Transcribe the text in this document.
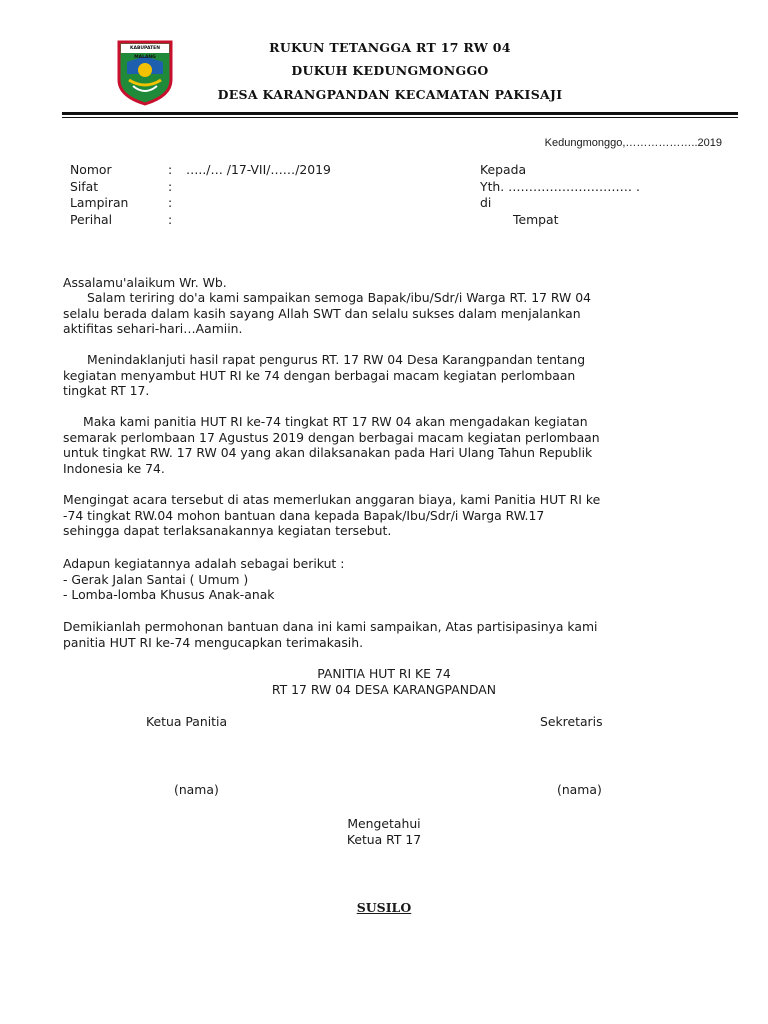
KABUPATEN MALANG
RUKUN TETANGGA RT 17 RW 04
DUKUH KEDUNGMONGGO
DESA KARANGPANDAN KECAMATAN PAKISAJI
Kedungmonggo,………………..2019
Nomor	: …../… /17-VII/……/2019
Sifat	:
Lampiran	:
Perihal	:
Kepada
Yth. ………………………… .
di
Tempat
Assalamu'alaikum Wr. Wb.
Salam teriring do'a kami sampaikan semoga Bapak/ibu/Sdr/i Warga RT. 17 RW 04
selalu berada dalam kasih sayang Allah SWT dan selalu sukses dalam menjalankan
aktifitas sehari-hari…Aamiin.
Menindaklanjuti hasil rapat pengurus RT. 17 RW 04 Desa Karangpandan tentang
kegiatan menyambut HUT RI ke 74 dengan berbagai macam kegiatan perlombaan
tingkat RT 17.
Maka kami panitia HUT RI ke-74 tingkat RT 17 RW 04 akan mengadakan kegiatan
semarak perlombaan 17 Agustus 2019 dengan berbagai macam kegiatan perlombaan
untuk tingkat RW. 17 RW 04 yang akan dilaksanakan pada Hari Ulang Tahun Republik
Indonesia ke 74.
Mengingat acara tersebut di atas memerlukan anggaran biaya, kami Panitia HUT RI ke
-74 tingkat RW.04 mohon bantuan dana kepada Bapak/Ibu/Sdr/i Warga RW.17
sehingga dapat terlaksanakannya kegiatan tersebut.
Adapun kegiatannya adalah sebagai berikut :
- Gerak Jalan Santai ( Umum )
- Lomba-lomba Khusus Anak-anak
Demikianlah permohonan bantuan dana ini kami sampaikan, Atas partisipasinya kami
panitia HUT RI ke-74 mengucapkan terimakasih.
PANITIA HUT RI KE 74
RT 17 RW 04 DESA KARANGPANDAN
Ketua Panitia	Sekretaris
(nama)	(nama)
Mengetahui
Ketua RT 17
SUSILO
